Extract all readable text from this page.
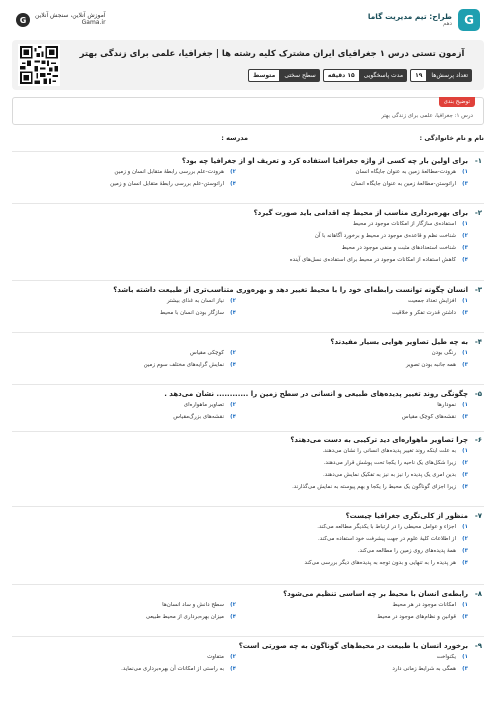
G
طراح: تیم مدیریت گاما
دهم
G	آموزش آنلاین، سنجش آنلاین
Gama.ir
آزمون تستی درس ۱ جغرافیای ایران مشترک کلیه رشته ها | جغرافیا، علمی برای زندگی بهتر
تعداد پرسش‌ها
۱۹
مدت پاسخگویی
۱۵ دقیقه
سطح سختی
متوسط
توضیح بندی
درس ۱: جغرافیا، علمی برای زندگی بهتر
نام و نام خانوادگی :
مدرسه :
۱-
برای اولین بار چه کسی از واژه جغرافیا استفاده کرد و تعریف او از جغرافیا چه بود؟
۱)
هرودت-مطالعهٔ زمین به عنوان جایگاه انسان
۲)
هرودت-علم بررسی رابطهٔ متقابل انسان و زمین
۳)
اراتوستن-مطالعهٔ زمین به عنوان جایگاه انسان
۴)
اراتوستن-علم بررسی رابطهٔ متقابل انسان و زمین
۲-
برای بهره‌برداری مناسب از محیط چه اقدامی باید صورت گیرد؟
۱)
استفاده‌ی سازگار از امکانات موجود در محیط
۲)
شناخت نظم و قاعده‌ی موجود در محیط و برخورد آگاهانه با آن
۳)
شناخت استعدادهای مثبت و منفی موجود در محیط
۴)
کاهش استفاده از امکانات موجود در محیط برای استفاده‌ی نسل‌های آینده
۳-
انسان چگونه توانست رابطه‌ای خود را با محیط تغییر دهد و بهره‌وری متناسب‌تری از طبیعت داشته باشد؟
۱)
افزایش تعداد جمعیت
۲)
نیاز انسان به غذای بیشتر
۳)
داشتن قدرت تفکر و خلاقیت
۴)
سازگار بودن انسان با محیط
۴-
به چه طیل تصاویر هوایی بسیار مفیدند؟
۱)
رنگی بودن
۲)
کوچکی مقیاس
۳)
همه جانبه بودن تصویر
۴)
نمایش گرایه‌های مختلف سوم زمین
۵-
چگونگی روند تغییر پدیده‌های طبیعی و انسانی در سطح زمین را ............ نشان می‌دهد .
۱)
نمودارها
۲)
تصاویر ماهواره‌ای
۳)
نقشه‌های کوچک مقیاس
۴)
نقشه‌های بزرگ‌مقیاس
۶-
چرا تصاویر ماهواره‌ای دید ترکیبی به دست می‌دهند؟
۱)
به علت اینکه روند تغییر پدیده‌های انسانی را نشان می‌دهند.
۲)
زیرا شکل‌های یک ناحیه را یکجا تحت پوشش قرار می‌دهند.
۳)
بدین امری یک پدیده را نیز به نیز به تفکیک نمایش می‌دهند.
۴)
زیرا اجزای گوناگون یک محیط را یکجا و بهم پیوسته به نمایش می‌گذارند.
۷-
منظور از کلی‌نگری جغرافیا چیست؟
۱)
اجزاء و عوامل محیطی را در ارتباط با یکدیگر مطالعه می‌کند.
۲)
از اطلاعات کلیهٔ علوم در جهت پیشرفت خود استفاده می‌کند.
۳)
همهٔ پدیده‌های روی زمین را مطالعه می‌کند.
۴)
هر پدیده را به تنهایی و بدون توجه به پدیده‌های دیگر بررسی می‌کند
۸-
رابطه‌ی انسان با محیط بر چه اساسی تنظیم می‌شود؟
۱)
امکانات موجود در هر محیط
۲)
سطح دانش و ساد انسان‌ها
۳)
قوانین و نظام‌های موجود در محیط
۴)
میزان بهره‌برداری از محیط طبیعی
۹-
برخورد انسان با طبیعت در محیط‌های گوناگون به چه صورتی است؟
۱)
یکنواخت
۲)
متفاوت
۳)
همگی به شرایط زمانی دارد
۴)
به راستی از امکانات آن بهره‌برداری می‌نماید.
